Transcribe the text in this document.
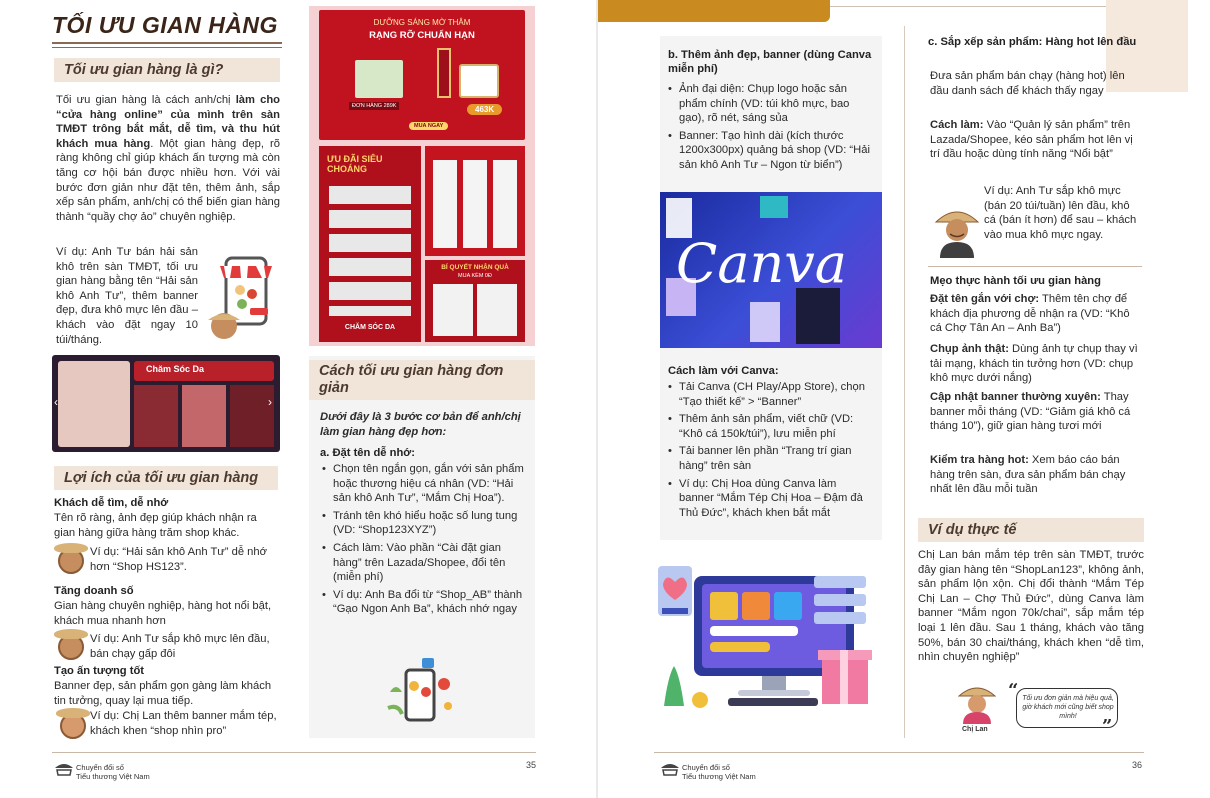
TỐI ƯU GIAN HÀNG
Tối ưu gian hàng là gì?

Tối ưu gian hàng là cách anh/chị làm cho “cửa hàng online” của mình trên sàn TMĐT trông bắt mắt, dễ tìm, và thu hút khách mua hàng. Một gian hàng đẹp, rõ ràng không chỉ giúp khách ấn tượng mà còn tăng cơ hội bán được nhiều hơn. Với vài bước đơn giản như đặt tên, thêm ảnh, sắp xếp sản phẩm, anh/chị có thể biến gian hàng thành “quầy chợ ảo” chuyên nghiệp.

Ví dụ: Anh Tư bán hải sản khô trên sàn TMĐT, tối ưu gian hàng bằng tên “Hải sản khô Anh Tư”, thêm banner đẹp, đưa khô mực lên đầu – khách vào đặt ngay 10 túi/tháng.

Chăm Sóc Da
‹	›
Lợi ích của tối ưu gian hàng
Khách dễ tìm, dễ nhớ

Tên rõ ràng, ảnh đẹp giúp khách nhận ra gian hàng giữa hàng trăm shop khác.

Ví dụ: “Hải sản khô Anh Tư” dễ nhớ hơn “Shop HS123”.

Tăng doanh số

Gian hàng chuyên nghiệp, hàng hot nổi bật, khách mua nhanh hơn

Ví dụ: Anh Tư sắp khô mực lên đầu, bán chạy gấp đôi

Tạo ấn tượng tốt

Banner đẹp, sản phẩm gọn gàng làm khách tin tưởng, quay lại mua tiếp.

Ví dụ: Chị Lan thêm banner mắm tép, khách khen “shop nhìn pro”

DƯỠNG SÁNG MỜ THÂM
RẠNG RỠ CHUẨN HẠN
ĐƠN HÀNG 289K	463K
MUA NGAY
ƯU ĐÃI SIÊU CHOÁNG
CHĂM SÓC DA
BÍ QUYẾT NHẬN QUÀ
MUA KÈM 0Đ
Cách tối ưu gian hàng đơn giản

Dưới đây là 3 bước cơ bản để anh/chị làm gian hàng đẹp hơn:

a. Đặt tên dễ nhớ:
• Chọn tên ngắn gọn, gắn với sản phẩm hoặc thương hiệu cá nhân (VD: “Hải sản khô Anh Tư”, “Mắm Chị Hoa”).
• Tránh tên khó hiểu hoặc số lung tung (VD: “Shop123XYZ”)
• Cách làm: Vào phần “Cài đặt gian hàng” trên Lazada/Shopee, đổi tên (miễn phí)
• Ví dụ: Anh Ba đổi từ “Shop_AB” thành “Gạo Ngon Anh Ba”, khách nhớ ngay
Chuyển đổi số
Tiểu thương Việt Nam
35
b. Thêm ảnh đẹp, banner (dùng Canva miễn phí)
• Ảnh đại diện: Chụp logo hoặc sản phẩm chính (VD: túi khô mực, bao gạo), rõ nét, sáng sủa
• Banner: Tạo hình dài (kích thước 1200x300px) quảng bá shop (VD: “Hải sản khô Anh Tư – Ngon từ biển”)
Canva
Cách làm với Canva:
• Tải Canva (CH Play/App Store), chọn “Tạo thiết kế” > “Banner”
• Thêm ảnh sản phẩm, viết chữ (VD: “Khô cá 150k/túi”), lưu miễn phí
• Tải banner lên phần “Trang trí gian hàng” trên sàn
• Ví dụ: Chị Hoa dùng Canva làm banner “Mắm Tép Chị Hoa – Đậm đà Thủ Đức”, khách khen bắt mắt
c. Sắp xếp sản phẩm: Hàng hot lên đầu

Đưa sản phẩm bán chạy (hàng hot) lên đầu danh sách để khách thấy ngay

Cách làm: Vào “Quản lý sản phẩm” trên Lazada/Shopee, kéo sản phẩm hot lên vị trí đầu hoặc dùng tính năng “Nổi bật”

Ví dụ: Anh Tư sắp khô mực (bán 20 túi/tuần) lên đầu, khô cá (bán ít hơn) để sau – khách vào mua khô mực ngay.

Mẹo thực hành tối ưu gian hàng

Đặt tên gắn với chợ: Thêm tên chợ để khách địa phương dễ nhận ra (VD: “Khô cá Chợ Tân An – Anh Ba”)

Chụp ảnh thật: Dùng ảnh tự chụp thay vì tải mạng, khách tin tưởng hơn (VD: chụp khô mực dưới nắng)

Cập nhật banner thường xuyên: Thay banner mỗi tháng (VD: “Giảm giá khô cá tháng 10”), giữ gian hàng tươi mới

Kiểm tra hàng hot: Xem báo cáo bán hàng trên sàn, đưa sản phẩm bán chạy nhất lên đầu mỗi tuần

Ví dụ thực tế

Chị Lan bán mắm tép trên sàn TMĐT, trước đây gian hàng tên “ShopLan123”, không ảnh, sản phẩm lộn xộn. Chị đổi thành “Mắm Tép Chị Lan – Chợ Thủ Đức”, dùng Canva làm banner “Mắm ngon 70k/chai”, sắp mắm tép loại 1 lên đầu. Sau 1 tháng, khách vào tăng 50%, bán 30 chai/tháng, khách khen “dễ tìm, nhìn chuyên nghiệp”

Chị Lan
“
”
Tối ưu đơn giản mà hiệu quả, giờ khách mới cũng biết shop mình!
Chuyển đổi số
Tiểu thương Việt Nam
36
